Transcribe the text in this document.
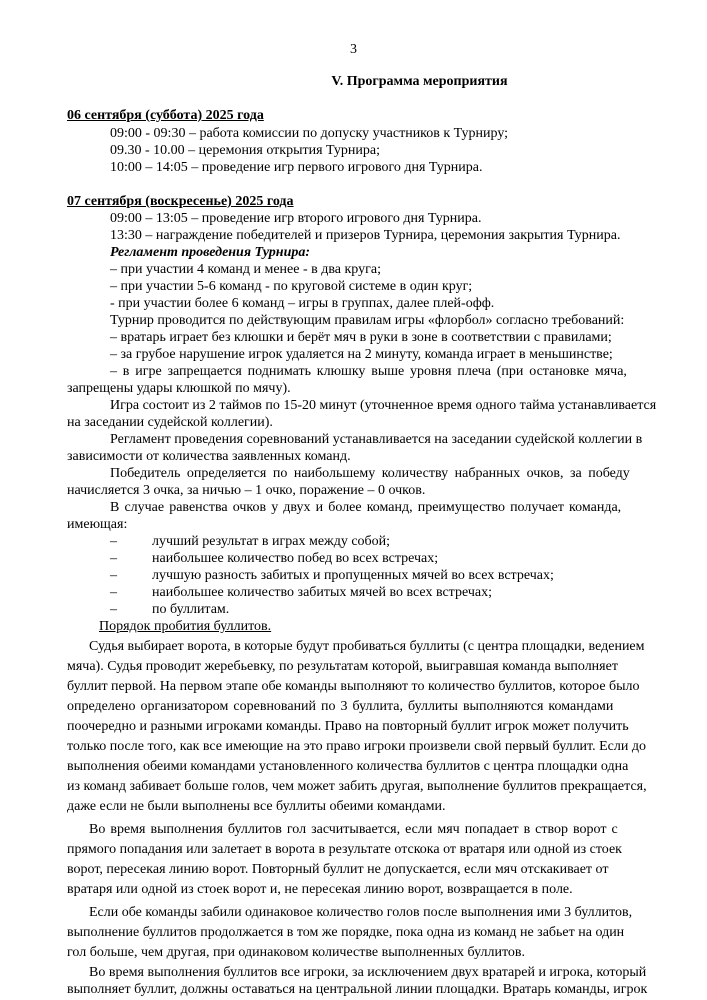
3
V. Программа мероприятия
06 сентября (суббота) 2025 года
09:00 - 09:30 – работа комиссии по допуску участников к Турниру;
09.30 - 10.00 – церемония открытия Турнира;
10:00 – 14:05 – проведение игр первого игрового дня Турнира.
07 сентября (воскресенье) 2025 года
09:00 – 13:05 – проведение игр второго игрового дня Турнира.
13:30 – награждение победителей и призеров Турнира, церемония закрытия Турнира.
Регламент проведения Турнира:
– при участии 4 команд и менее - в два круга;
– при участии 5-6 команд - по круговой системе в один круг;
- при участии более 6 команд – игры в группах, далее плей-офф.
Турнир проводится по действующим правилам игры «флорбол» согласно требований:
– вратарь играет без клюшки и берёт мяч в руки в зоне в соответствии с правилами;
– за грубое нарушение игрок удаляется на 2 минуту, команда играет в меньшинстве;
– в игре запрещается поднимать клюшку выше уровня плеча (при остановке мяча,
запрещены удары клюшкой по мячу).
Игра состоит из 2 таймов по 15-20 минут (уточненное время одного тайма устанавливается
на заседании судейской коллегии).
Регламент проведения соревнований устанавливается на заседании судейской коллегии в
зависимости от количества заявленных команд.
Победитель определяется по наибольшему количеству набранных очков, за победу
начисляется 3 очка, за ничью – 1 очко, поражение – 0 очков.
В случае равенства очков у двух и более команд, преимущество получает команда,
имеющая:
–	лучший результат в играх между собой;
–	наибольшее количество побед во всех встречах;
–	лучшую разность забитых и пропущенных мячей во всех встречах;
–	наибольшее количество забитых мячей во всех встречах;
–	по буллитам.
Порядок пробития буллитов.
Судья выбирает ворота, в которые будут пробиваться буллиты (с центра площадки, ведением
мяча). Судья проводит жеребьевку, по результатам которой, выигравшая команда выполняет
буллит первой. На первом этапе обе команды выполняют то количество буллитов, которое было
определено организатором соревнований по 3 буллита, буллиты выполняются командами
поочередно и разными игроками команды. Право на повторный буллит игрок может получить
только после того, как все имеющие на это право игроки произвели свой первый буллит. Если до
выполнения обеими командами установленного количества буллитов с центра площадки одна
из команд забивает больше голов, чем может забить другая, выполнение буллитов прекращается,
даже если не были выполнены все буллиты обеими командами.
Во время выполнения буллитов гол засчитывается, если мяч попадает в створ ворот с
прямого попадания или залетает в ворота в результате отскока от вратаря или одной из стоек
ворот, пересекая линию ворот. Повторный буллит не допускается, если мяч отскакивает от
вратаря или одной из стоек ворот и, не пересекая линию ворот, возвращается в поле.
Если обе команды забили одинаковое количество голов после выполнения ими 3 буллитов,
выполнение буллитов продолжается в том же порядке, пока одна из команд не забьет на один
гол больше, чем другая, при одинаковом количестве выполненных буллитов.
Во время выполнения буллитов все игроки, за исключением двух вратарей и игрока, который
выполняет буллит, должны оставаться на центральной линии площадки. Вратарь команды, игрок
